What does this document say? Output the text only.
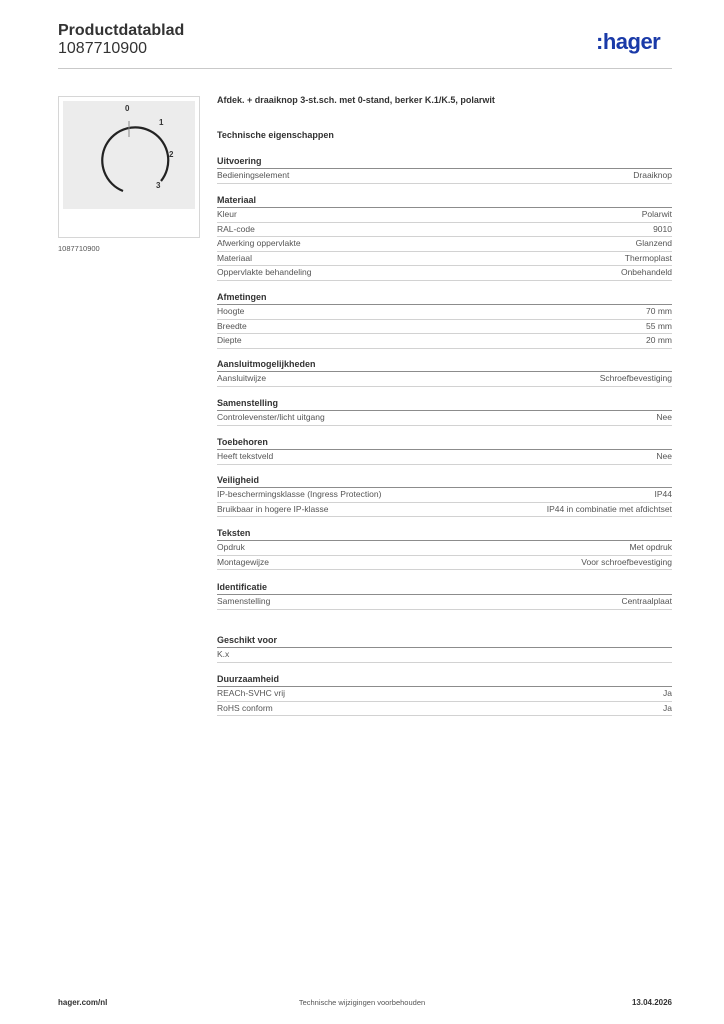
Productdatablad
1087710900	:hager
0
1
2
3
1087710900
Afdek. + draaiknop 3-st.sch. met 0-stand, berker K.1/K.5, polarwit
Technische eigenschappen
Uitvoering
Bedieningselement	Draaiknop
Materiaal
Kleur	Polarwit
RAL-code	9010
Afwerking oppervlakte	Glanzend
Materiaal	Thermoplast
Oppervlakte behandeling	Onbehandeld
Afmetingen
Hoogte	70 mm
Breedte	55 mm
Diepte	20 mm
Aansluitmogelijkheden
Aansluitwijze	Schroefbevestiging
Samenstelling
Controlevenster/licht uitgang	Nee
Toebehoren
Heeft tekstveld	Nee
Veiligheid
IP-beschermingsklasse (Ingress Protection)	IP44
Bruikbaar in hogere IP-klasse	IP44 in combinatie met afdichtset
Teksten
Opdruk	Met opdruk
Montagewijze	Voor schroefbevestiging
Identificatie
Samenstelling	Centraalplaat
Geschikt voor
K.x
Duurzaamheid
REACh-SVHC vrij	Ja
RoHS conform	Ja
hager.com/nl	Technische wijzigingen voorbehouden	13.04.2026
